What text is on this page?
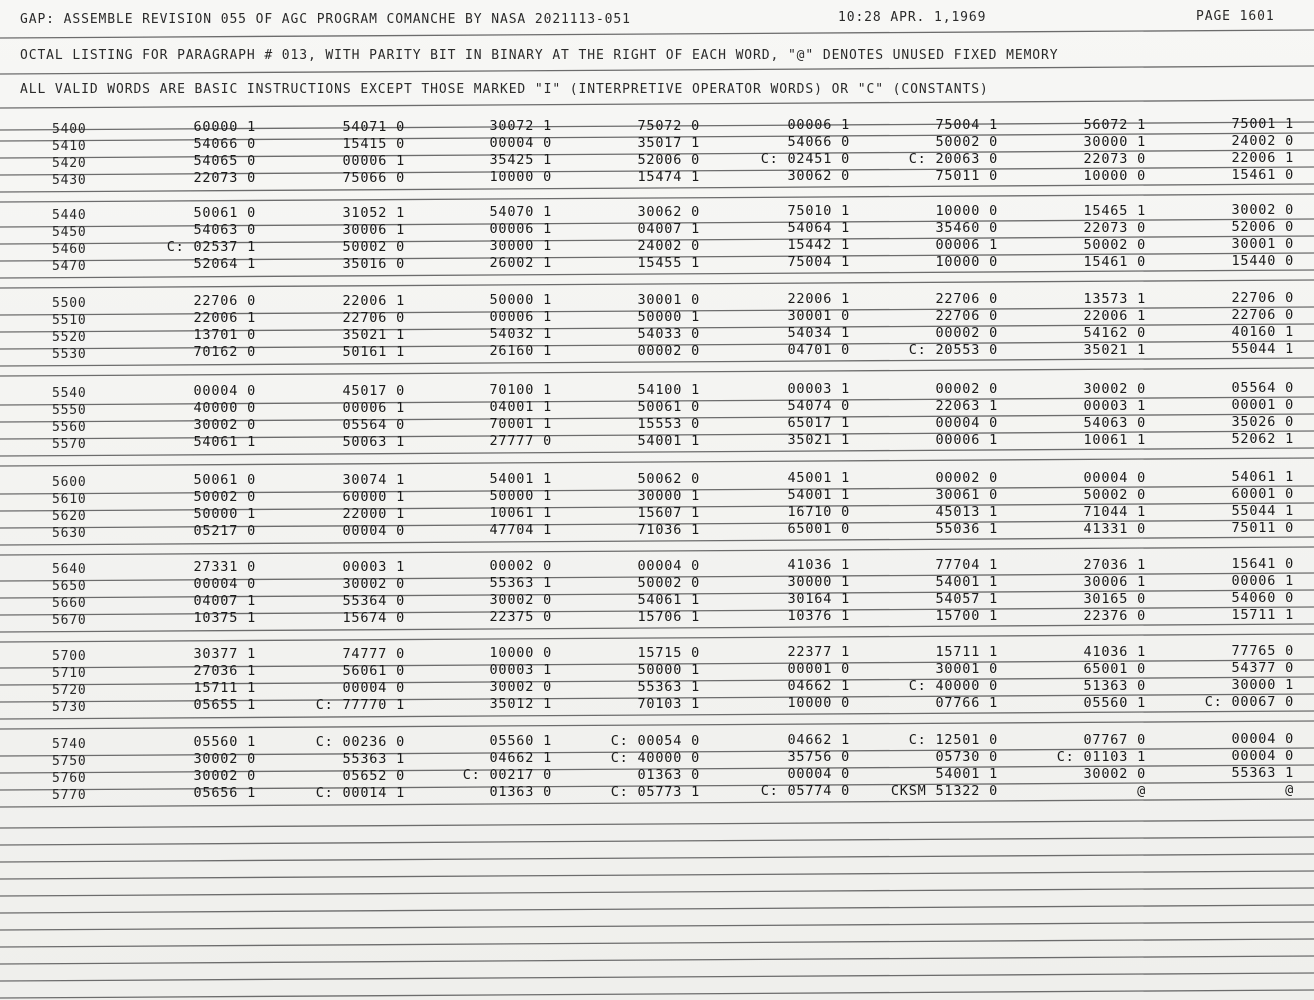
GAP: ASSEMBLE REVISION 055 OF AGC PROGRAM COMANCHE BY NASA 2021113-051	10:28 APR. 1,1969	PAGE 1601
OCTAL LISTING FOR PARAGRAPH # 013, WITH PARITY BIT IN BINARY AT THE RIGHT OF EACH WORD, "@" DENOTES UNUSED FIXED MEMORY
ALL VALID WORDS ARE BASIC INSTRUCTIONS EXCEPT THOSE MARKED "I" (INTERPRETIVE OPERATOR WORDS) OR "C" (CONSTANTS)
5400	60000 1	54071 0	30072 1	75072 0	00006 1	75004 1	56072 1	75001 1
5410	54066 0	15415 0	00004 0	35017 1	54066 0	50002 0	30000 1	24002 0
5420	54065 0	00006 1	35425 1	52006 0	C: 02451 0	C: 20063 0	22073 0	22006 1
5430	22073 0	75066 0	10000 0	15474 1	30062 0	75011 0	10000 0	15461 0
5440	50061 0	31052 1	54070 1	30062 0	75010 1	10000 0	15465 1	30002 0
5450	54063 0	30006 1	00006 1	04007 1	54064 1	35460 0	22073 0	52006 0
5460	C: 02537 1	50002 0	30000 1	24002 0	15442 1	00006 1	50002 0	30001 0
5470	52064 1	35016 0	26002 1	15455 1	75004 1	10000 0	15461 0	15440 0
5500	22706 0	22006 1	50000 1	30001 0	22006 1	22706 0	13573 1	22706 0
5510	22006 1	22706 0	00006 1	50000 1	30001 0	22706 0	22006 1	22706 0
5520	13701 0	35021 1	54032 1	54033 0	54034 1	00002 0	54162 0	40160 1
5530	70162 0	50161 1	26160 1	00002 0	04701 0	C: 20553 0	35021 1	55044 1
5540	00004 0	45017 0	70100 1	54100 1	00003 1	00002 0	30002 0	05564 0
5550	40000 0	00006 1	04001 1	50061 0	54074 0	22063 1	00003 1	00001 0
5560	30002 0	05564 0	70001 1	15553 0	65017 1	00004 0	54063 0	35026 0
5570	54061 1	50063 1	27777 0	54001 1	35021 1	00006 1	10061 1	52062 1
5600	50061 0	30074 1	54001 1	50062 0	45001 1	00002 0	00004 0	54061 1
5610	50002 0	60000 1	50000 1	30000 1	54001 1	30061 0	50002 0	60001 0
5620	50000 1	22000 1	10061 1	15607 1	16710 0	45013 1	71044 1	55044 1
5630	05217 0	00004 0	47704 1	71036 1	65001 0	55036 1	41331 0	75011 0
5640	27331 0	00003 1	00002 0	00004 0	41036 1	77704 1	27036 1	15641 0
5650	00004 0	30002 0	55363 1	50002 0	30000 1	54001 1	30006 1	00006 1
5660	04007 1	55364 0	30002 0	54061 1	30164 1	54057 1	30165 0	54060 0
5670	10375 1	15674 0	22375 0	15706 1	10376 1	15700 1	22376 0	15711 1
5700	30377 1	74777 0	10000 0	15715 0	22377 1	15711 1	41036 1	77765 0
5710	27036 1	56061 0	00003 1	50000 1	00001 0	30001 0	65001 0	54377 0
5720	15711 1	00004 0	30002 0	55363 1	04662 1	C: 40000 0	51363 0	30000 1
5730	05655 1	C: 77770 1	35012 1	70103 1	10000 0	07766 1	05560 1	C: 00067 0
5740	05560 1	C: 00236 0	05560 1	C: 00054 0	04662 1	C: 12501 0	07767 0	00004 0
5750	30002 0	55363 1	04662 1	C: 40000 0	35756 0	05730 0	C: 01103 1	00004 0
5760	30002 0	05652 0	C: 00217 0	01363 0	00004 0	54001 1	30002 0	55363 1
5770	05656 1	C: 00014 1	01363 0	C: 05773 1	C: 05774 0	CKSM 51322 0	@	@
